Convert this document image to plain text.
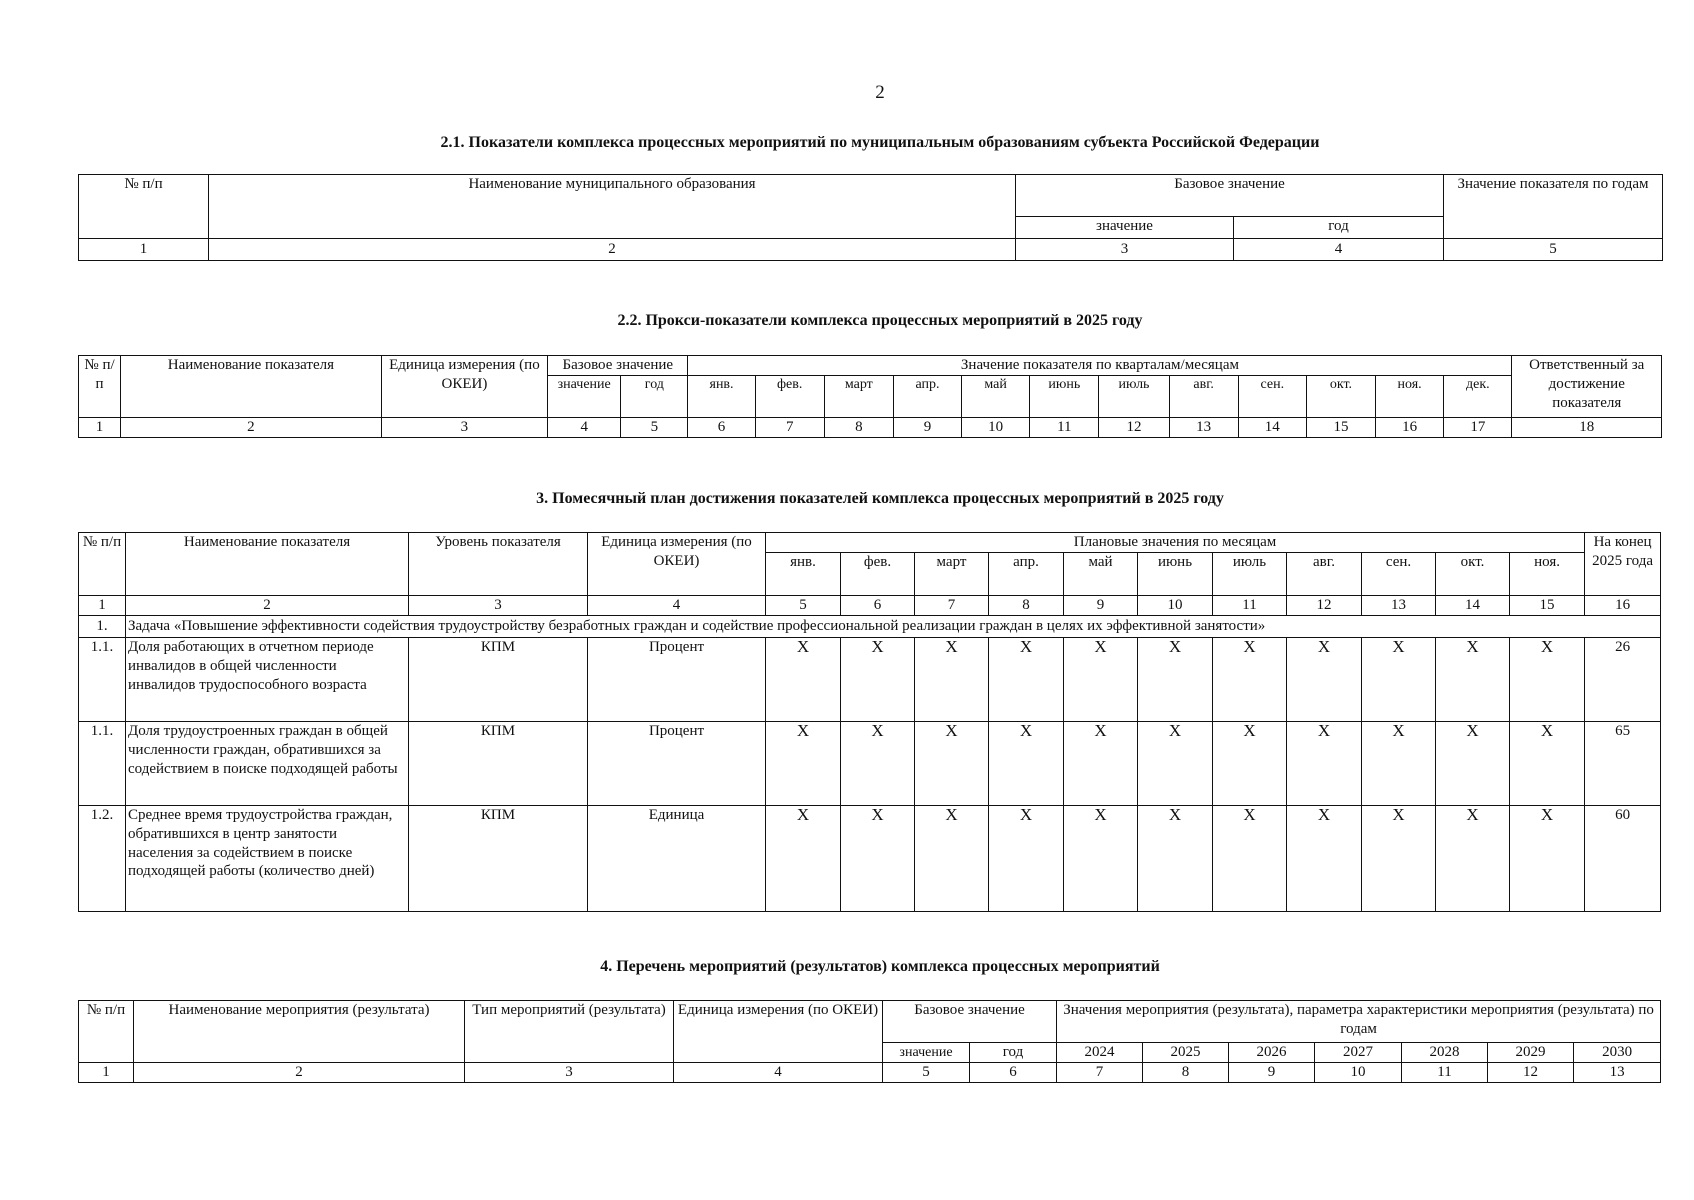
2
2.1. Показатели комплекса процессных мероприятий по муниципальным образованиям субъекта Российской Федерации
№ п/п	Наименование муниципального образования	Базовое значение		Значение показателя по годам
		значение	год	
1	2	3	4	5
2.2. Прокси-показатели комплекса процессных мероприятий в 2025 году
№ п/п	Наименование показателя	Единица измерения (по ОКЕИ)	Базовое значение		Значение показателя по кварталам/месяцам												Ответственный за достижение показателя
			значение	год	янв.	фев.	март	апр.	май	июнь	июль	авг.	сен.	окт.	ноя.	дек.	
1	2	3	4	5	6	7	8	9	10	11	12	13	14	15	16	17	18
3. Помесячный план достижения показателей комплекса процессных мероприятий в 2025 году
№ п/п	Наименование показателя	Уровень показателя	Единица измерения (по ОКЕИ)	Плановые значения по месяцам											На конец 2025 года
				янв.	фев.	март	апр.	май	июнь	июль	авг.	сен.	окт.	ноя.	
1	2	3	4	5	6	7	8	9	10	11	12	13	14	15	16
1.	Задача «Повышение эффективности содействия трудоустройству безработных граждан и содействие профессиональной реализации граждан в целях их эффективной занятости»														
1.1.	Доля работающих в отчетном периоде инвалидов в общей численности инвалидов трудоспособного возраста	КПМ	Процент	X	X	X	X	X	X	X	X	X	X	X	26
1.1.	Доля трудоустроенных граждан в общей численности граждан, обратившихся за содействием в поиске подходящей работы	КПМ	Процент	X	X	X	X	X	X	X	X	X	X	X	65
1.2.	Среднее время трудоустройства граждан, обратившихся в центр занятости населения за содействием в поиске подходящей работы (количество дней)	КПМ	Единица	X	X	X	X	X	X	X	X	X	X	X	60
4. Перечень мероприятий (результатов) комплекса процессных мероприятий
№ п/п	Наименование мероприятия (результата)	Тип мероприятий (результата)	Единица измерения (по ОКЕИ)	Базовое значение		Значения мероприятия (результата), параметра характеристики мероприятия (результата) по годам						
				значение	год	2024	2025	2026	2027	2028	2029	2030
1	2	3	4	5	6	7	8	9	10	11	12	13
